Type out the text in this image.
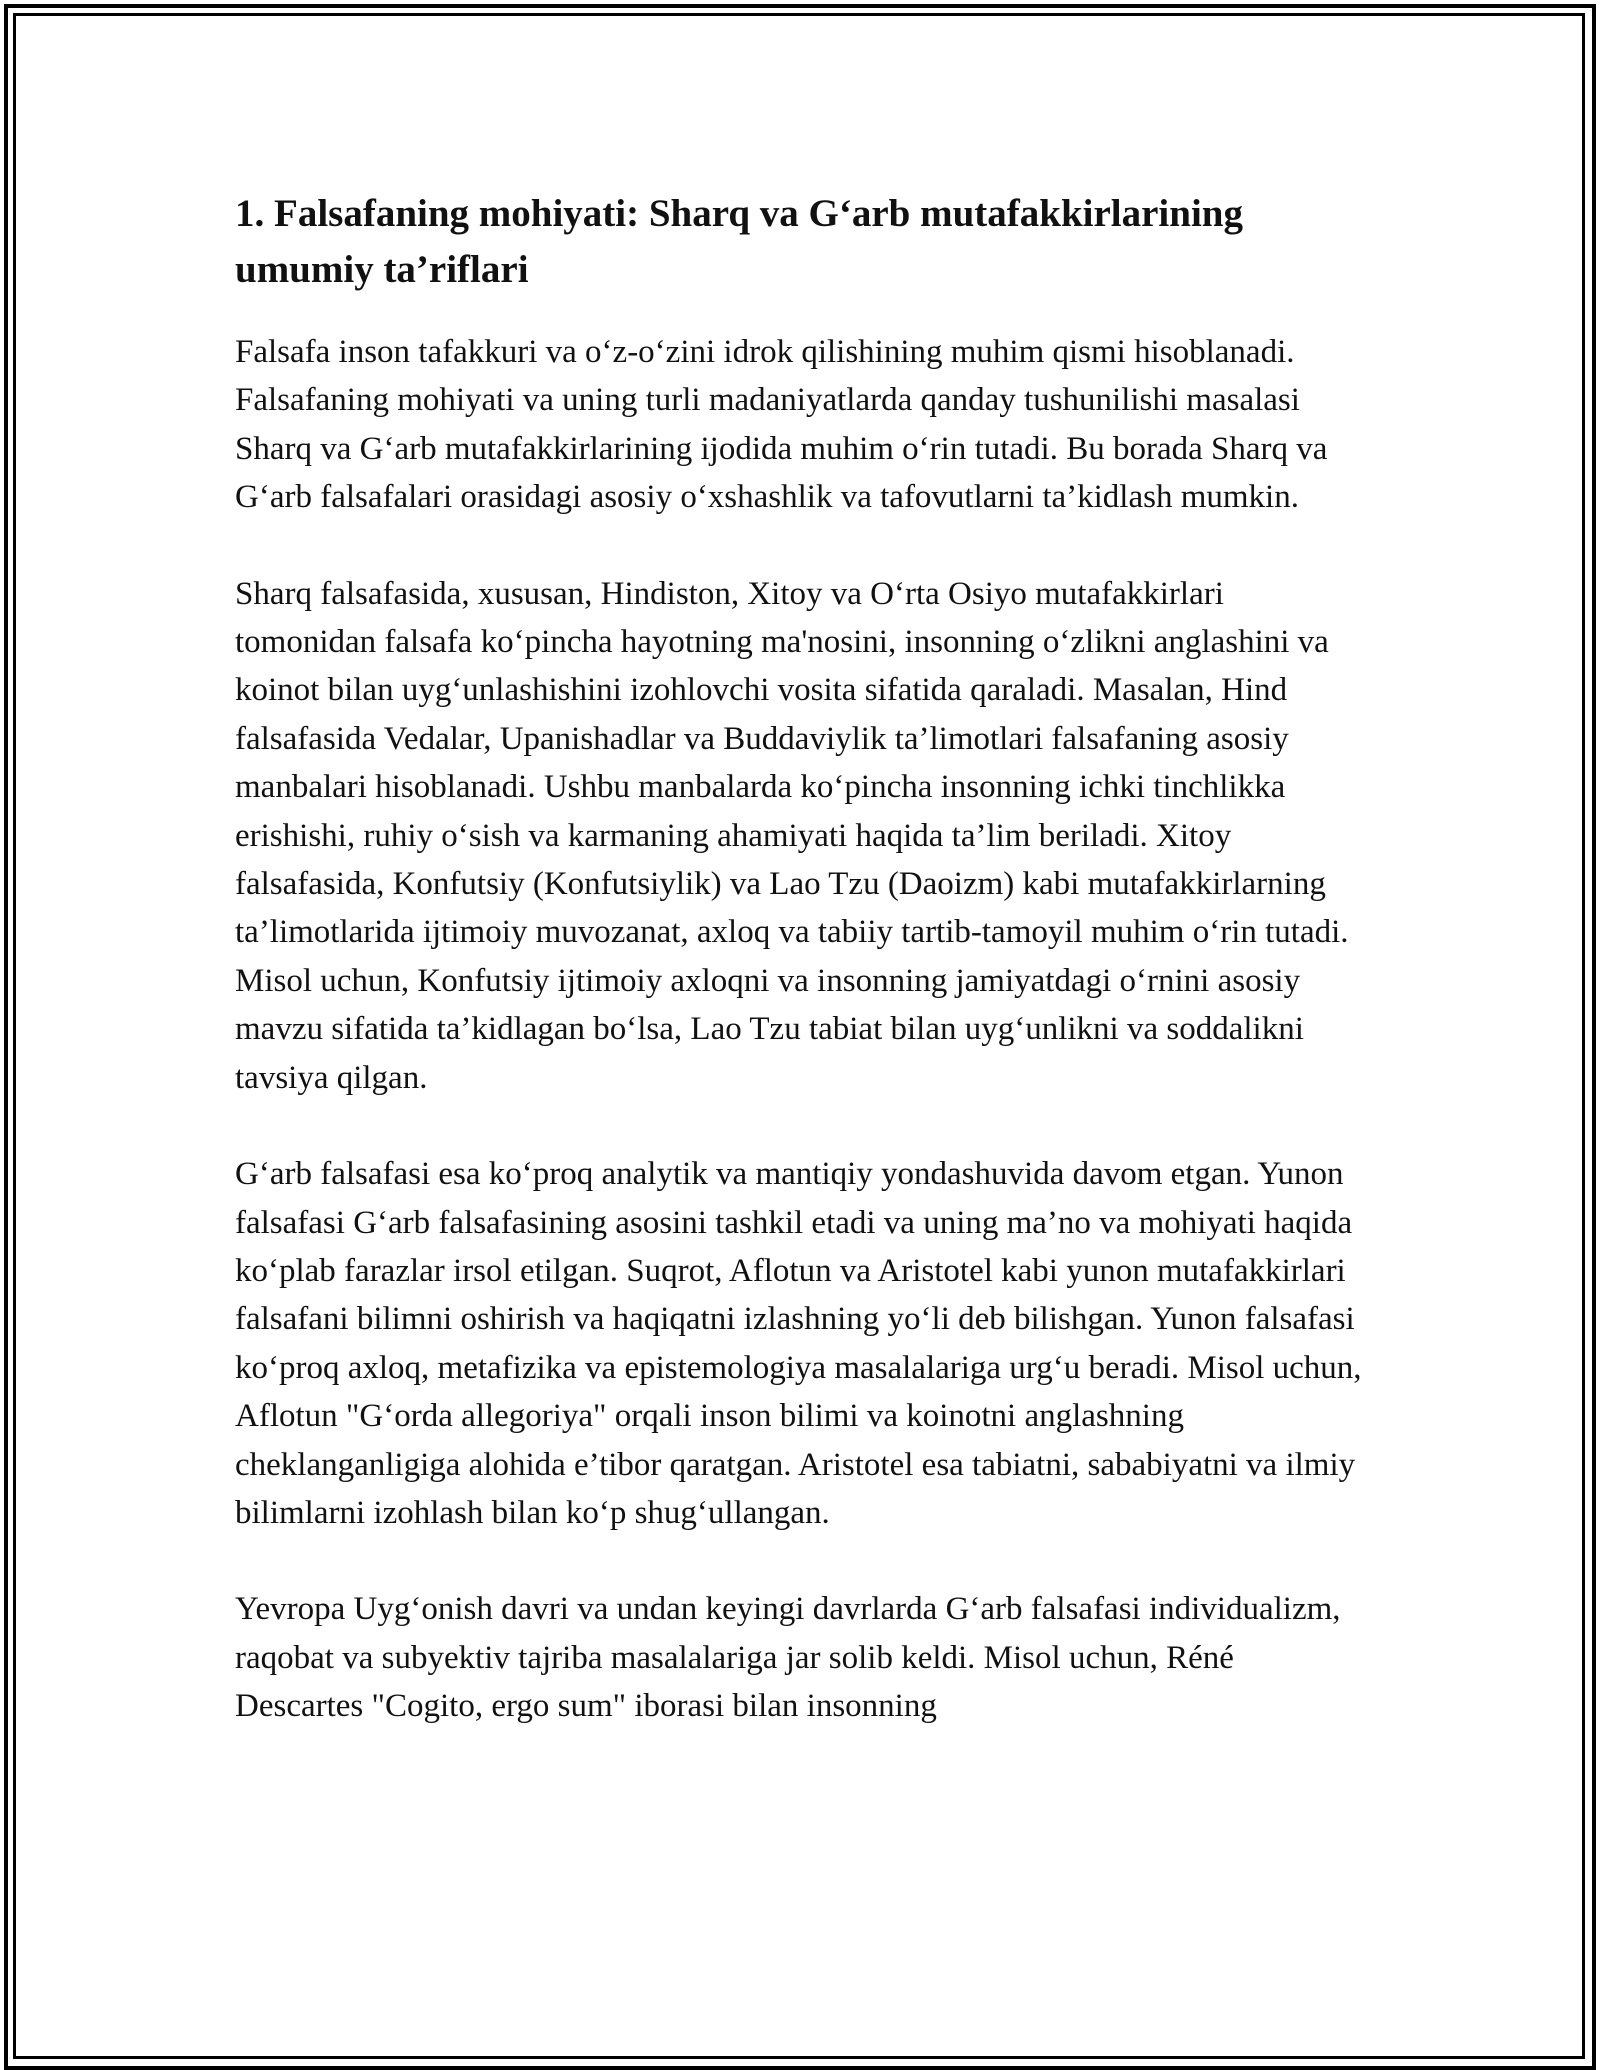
1. Falsafaning mohiyati: Sharq va G‘arb mutafakkirlarining umumiy ta’riflari

Falsafa inson tafakkuri va o‘z-o‘zini idrok qilishining muhim qismi hisoblanadi. Falsafaning mohiyati va uning turli madaniyatlarda qanday tushunilishi masalasi Sharq va G‘arb mutafakkirlarining ijodida muhim o‘rin tutadi. Bu borada Sharq va G‘arb falsafalari orasidagi asosiy o‘xshashlik va tafovutlarni ta’kidlash mumkin.

Sharq falsafasida, xususan, Hindiston, Xitoy va O‘rta Osiyo mutafakkirlari tomonidan falsafa ko‘pincha hayotning ma'nosini, insonning o‘zlikni anglashini va koinot bilan uyg‘unlashishini izohlovchi vosita sifatida qaraladi. Masalan, Hind falsafasida Vedalar, Upanishadlar va Buddaviylik ta’limotlari falsafaning asosiy manbalari hisoblanadi. Ushbu manbalarda ko‘pincha insonning ichki tinchlikka erishishi, ruhiy o‘sish va karmaning ahamiyati haqida ta’lim beriladi. Xitoy falsafasida, Konfutsiy (Konfutsiylik) va Lao Tzu (Daoizm) kabi mutafakkirlarning ta’limotlarida ijtimoiy muvozanat, axloq va tabiiy tartib-tamoyil muhim o‘rin tutadi. Misol uchun, Konfutsiy ijtimoiy axloqni va insonning jamiyatdagi o‘rnini asosiy mavzu sifatida ta’kidlagan bo‘lsa, Lao Tzu tabiat bilan uyg‘unlikni va soddalikni tavsiya qilgan.

G‘arb falsafasi esa ko‘proq analytik va mantiqiy yondashuvida davom etgan. Yunon falsafasi G‘arb falsafasining asosini tashkil etadi va uning ma’no va mohiyati haqida ko‘plab farazlar irsol etilgan. Suqrot, Aflotun va Aristotel kabi yunon mutafakkirlari falsafani bilimni oshirish va haqiqatni izlashning yo‘li deb bilishgan. Yunon falsafasi ko‘proq axloq, metafizika va epistemologiya masalalariga urg‘u beradi. Misol uchun, Aflotun "G‘orda allegoriya" orqali inson bilimi va koinotni anglashning cheklanganligiga alohida e’tibor qaratgan. Aristotel esa tabiatni, sababiyatni va ilmiy bilimlarni izohlash bilan ko‘p shug‘ullangan.

Yevropa Uyg‘onish davri va undan keyingi davrlarda G‘arb falsafasi individualizm, raqobat va subyektiv tajriba masalalariga jar solib keldi. Misol uchun, Réné Descartes "Cogito, ergo sum" iborasi bilan insonning
